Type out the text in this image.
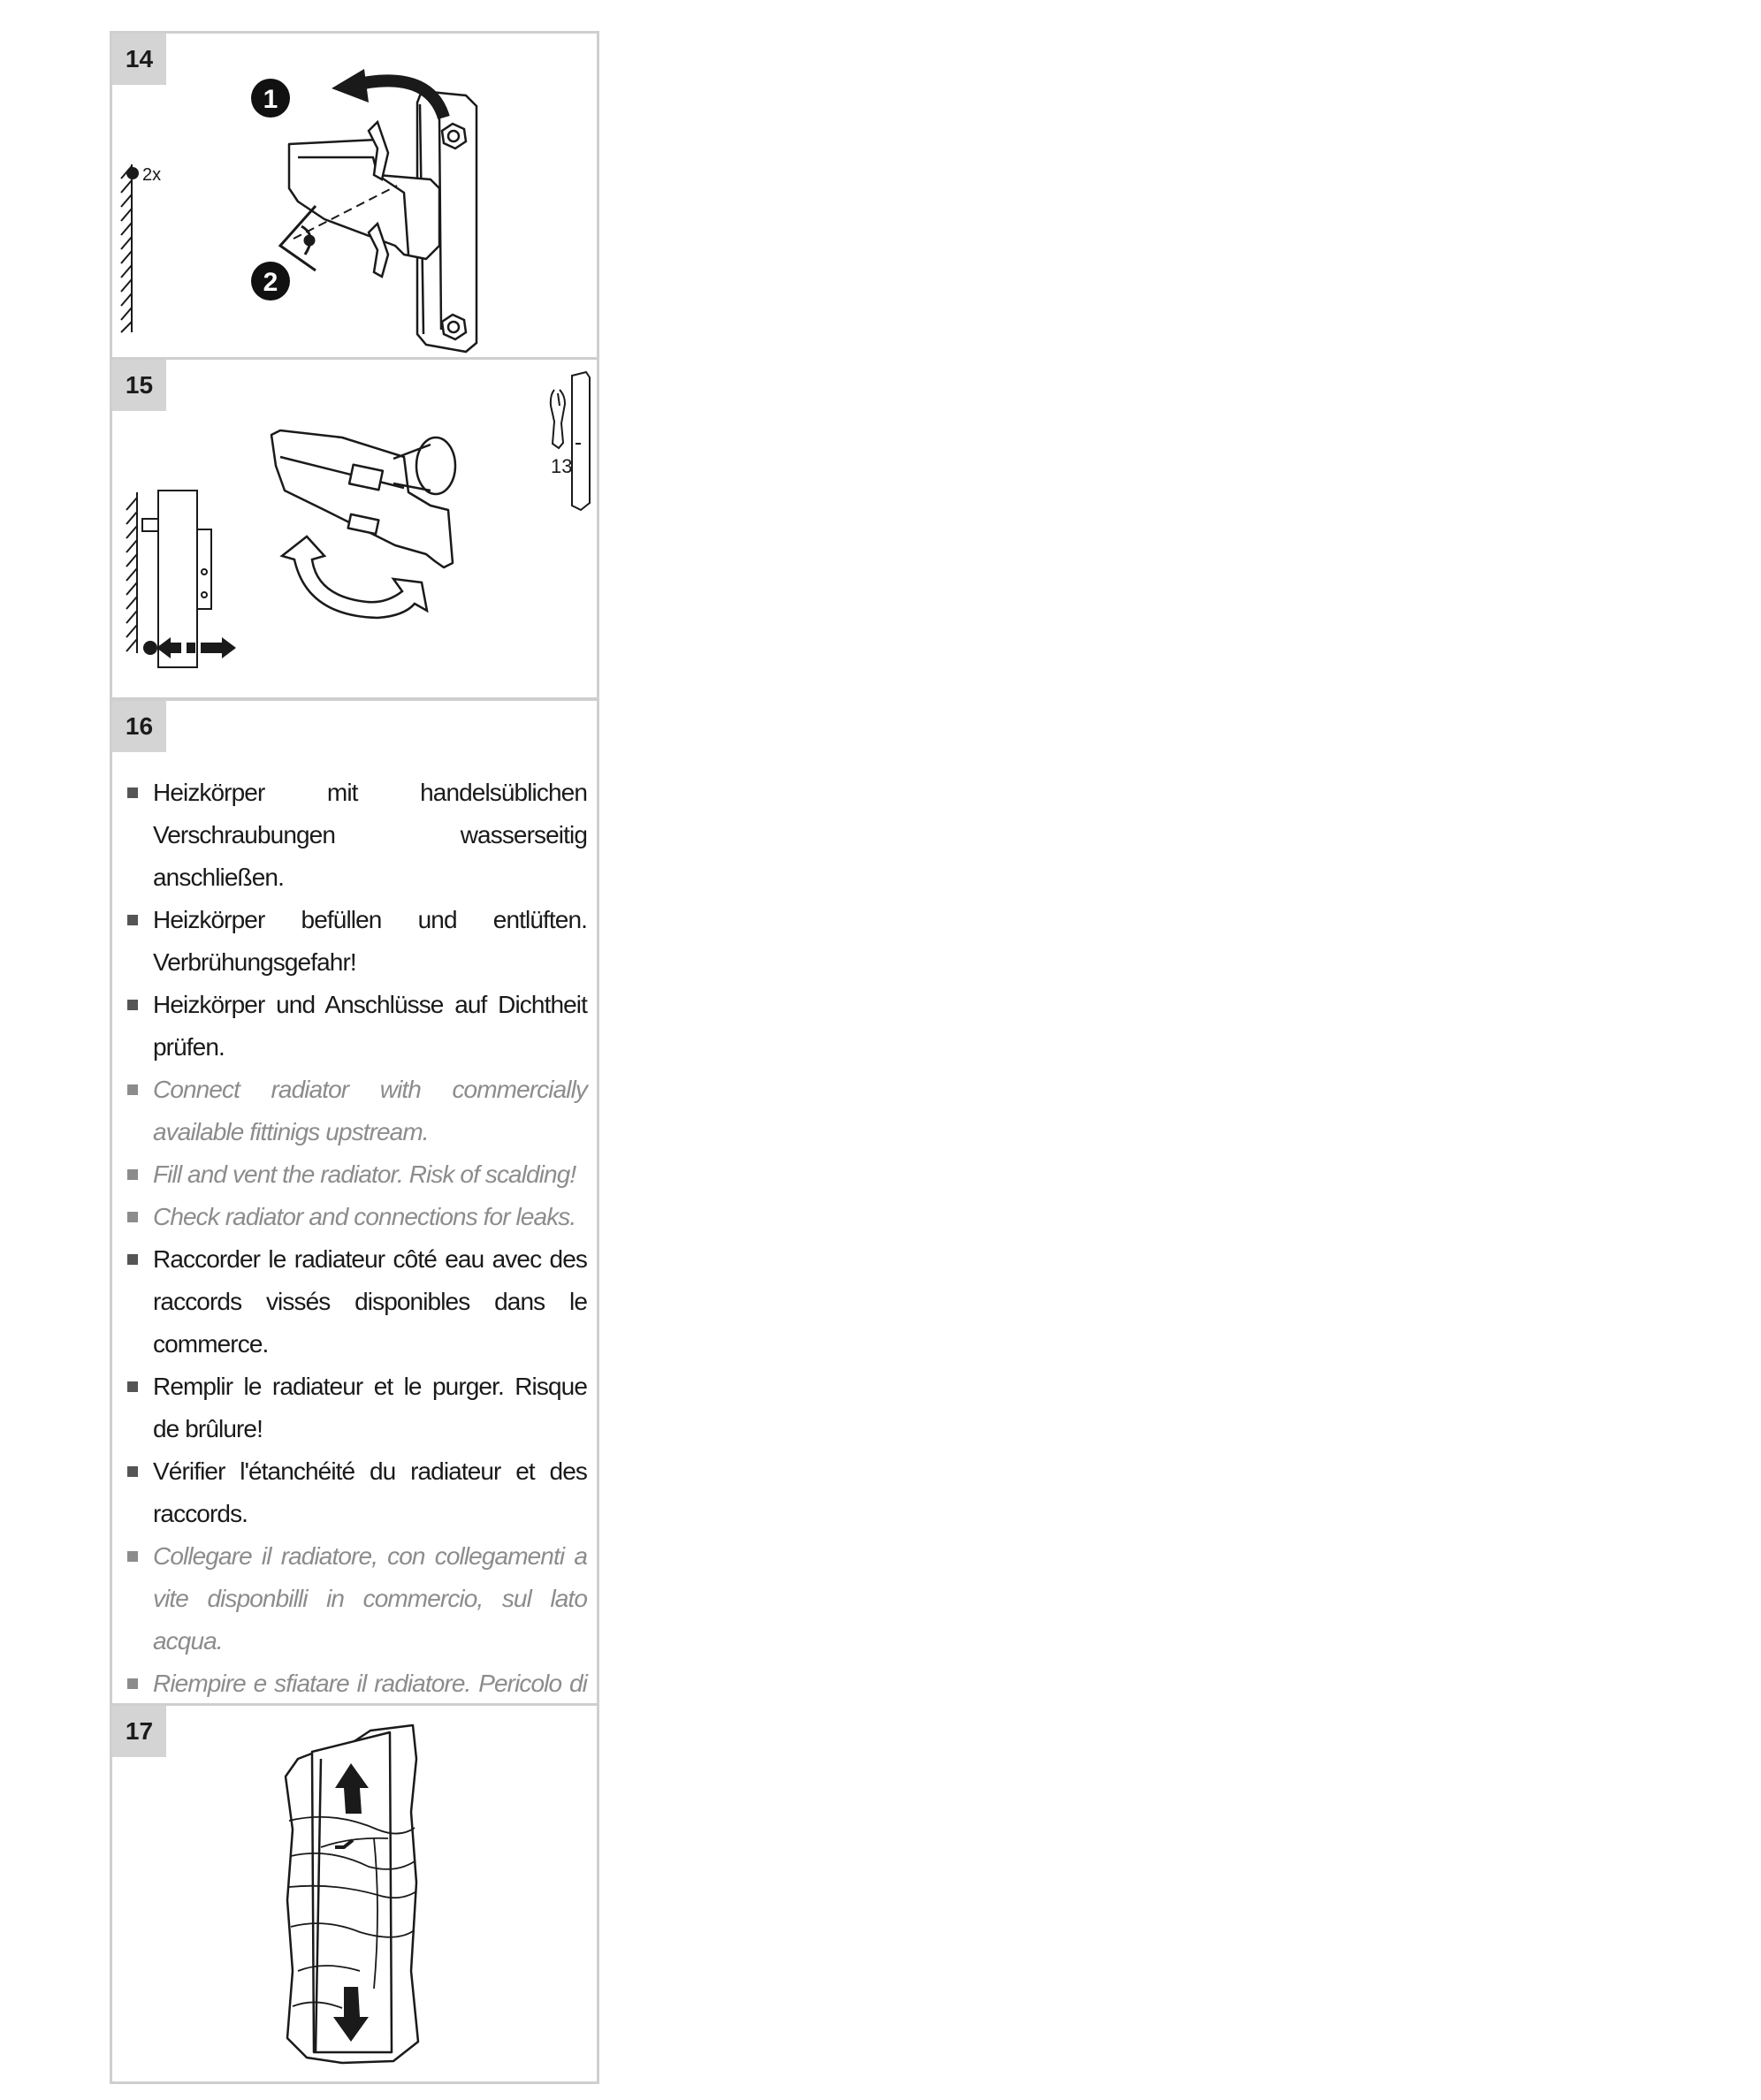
14
2x
1
2
15
13
16
Heizkörper mit handelsüblichen Verschraubungen wasserseitig anschließen.
Heizkörper befüllen und entlüften. Verbrühungsgefahr!
Heizkörper und Anschlüsse auf Dichtheit prüfen.
Connect radiator with commercially available fittinigs upstream.
Fill and vent the radiator. Risk of scalding!
Check radiator and connections for leaks.
Raccorder le radiateur côté eau avec des raccords vissés disponibles dans le commerce.
Remplir le radiateur et le purger. Risque de brûlure!
Vérifier l'étanchéité du radiateur et des raccords.
Collegare il radiatore, con collegamenti a vite disponbilli in commercio, sul lato acqua.
Riempire e sfiatare il radiatore. Pericolo di
17
